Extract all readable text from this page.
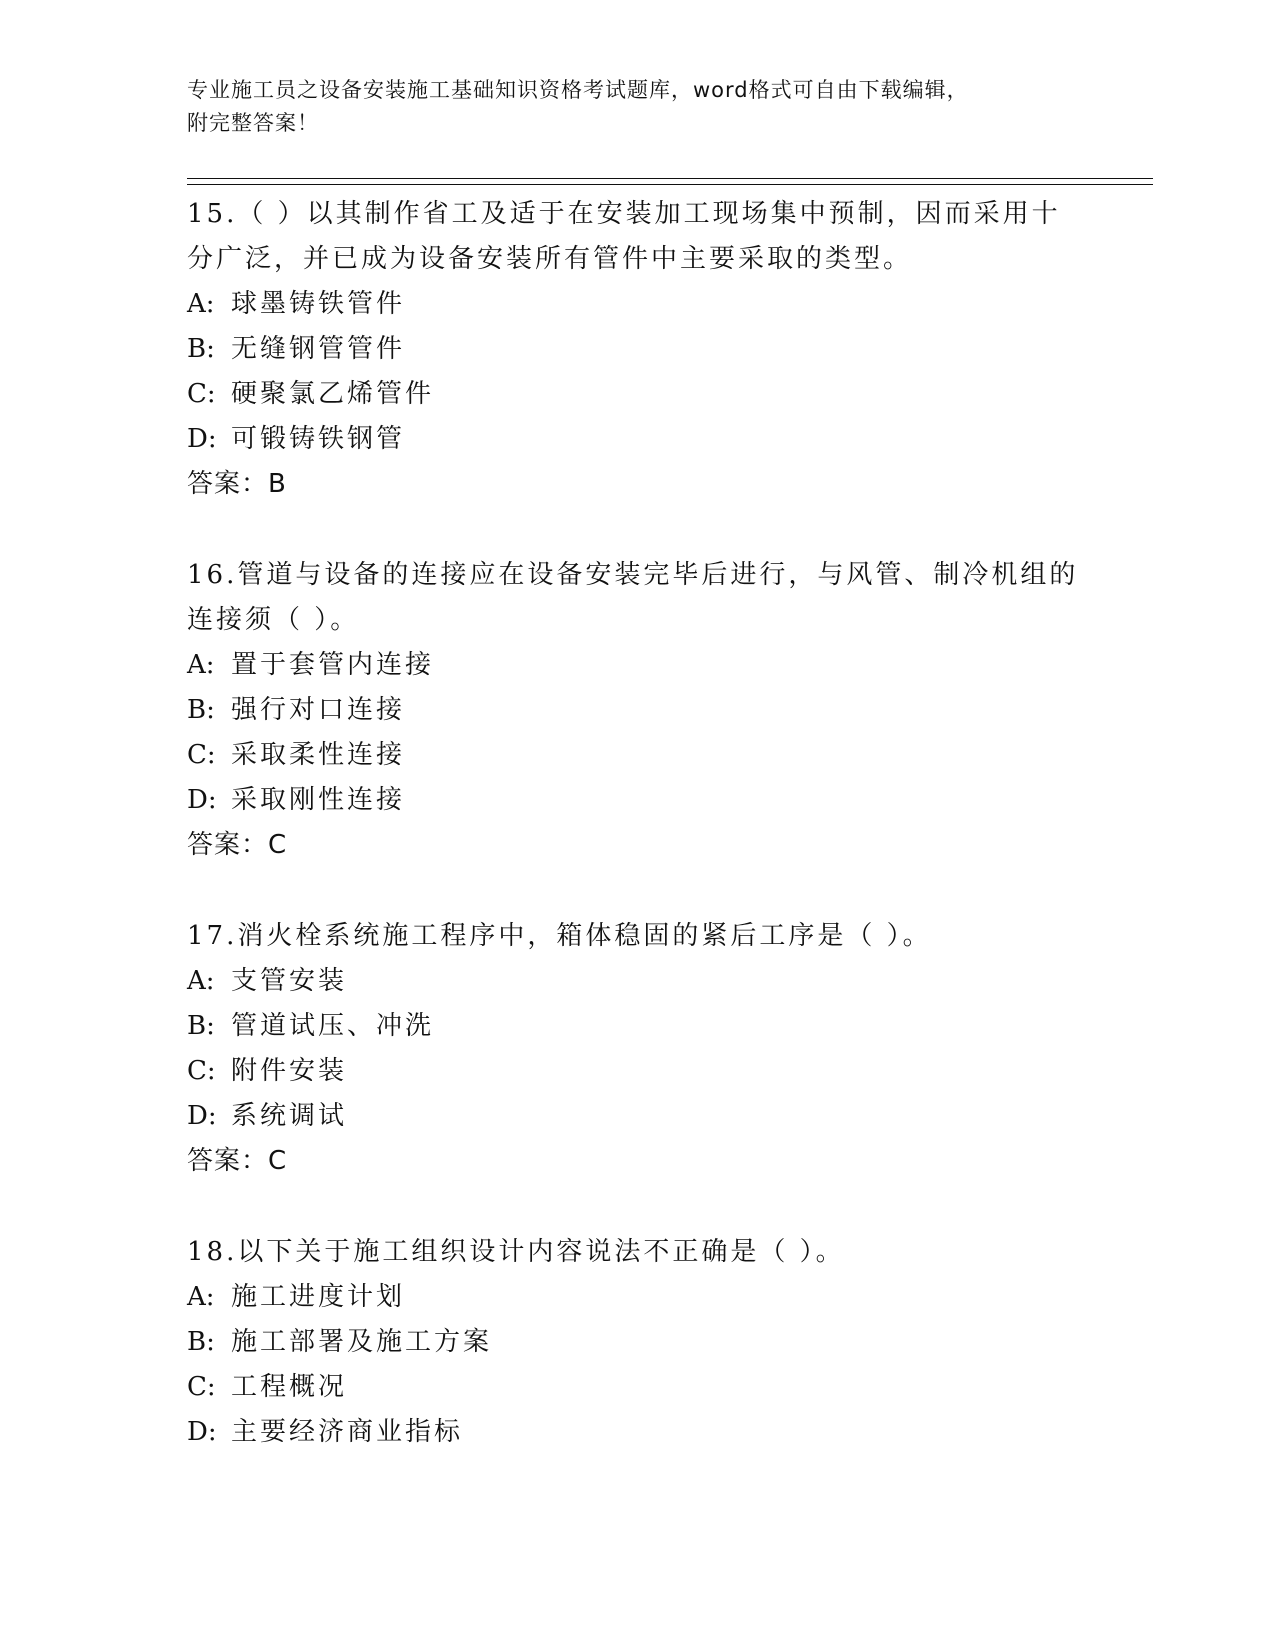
专业施工员之设备安装施工基础知识资格考试题库，word格式可自由下载编辑，
附完整答案！

15.（ ）以其制作省工及适于在安装加工现场集中预制，因而采用十

分广泛，并已成为设备安装所有管件中主要采取的类型。

A: 球墨铸铁管件

B: 无缝钢管管件

C: 硬聚氯乙烯管件

D: 可锻铸铁钢管

答案：B

16.管道与设备的连接应在设备安装完毕后进行，与风管、制冷机组的

连接须（ ）。

A: 置于套管内连接

B: 强行对口连接

C: 采取柔性连接

D: 采取刚性连接

答案：C

17.消火栓系统施工程序中，箱体稳固的紧后工序是（ ）。

A: 支管安装

B: 管道试压、冲洗

C: 附件安装

D: 系统调试

答案：C

18.以下关于施工组织设计内容说法不正确是（ ）。

A: 施工进度计划

B: 施工部署及施工方案

C: 工程概况

D: 主要经济商业指标
